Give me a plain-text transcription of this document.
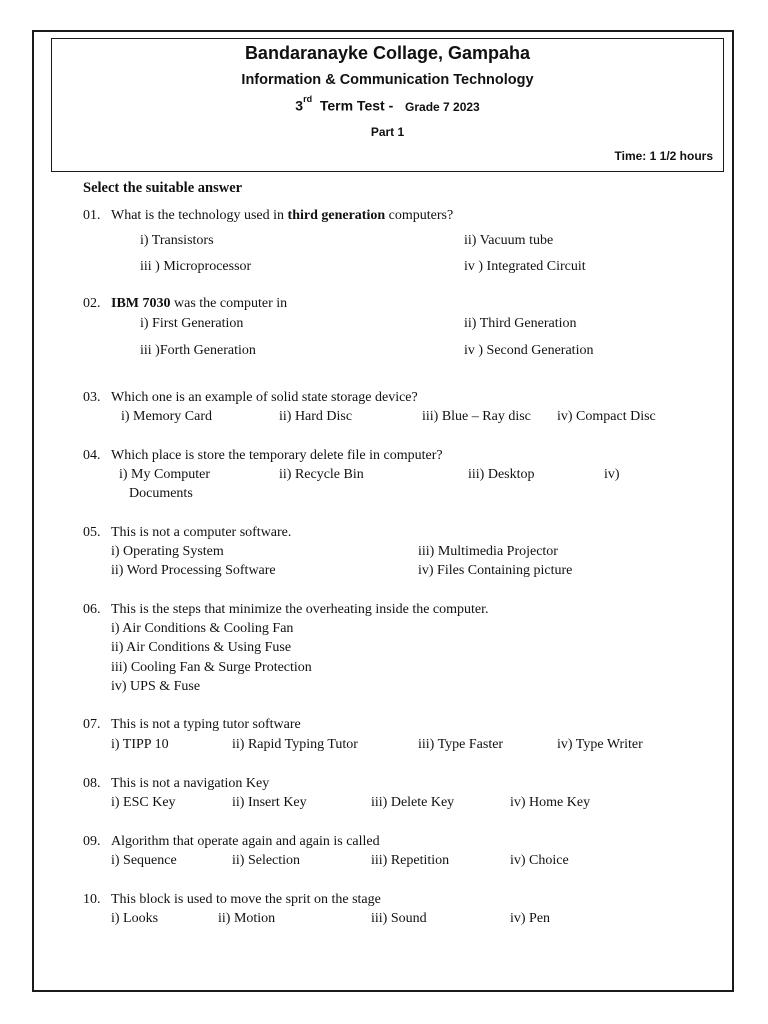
Bandaranayke Collage, Gampaha
Information & Communication Technology
3rd Term Test - Grade 7 2023
Part 1
Time: 1 1/2 hours
Select the suitable answer
01. What is the technology used in third generation computers?
i) Transistors	ii) Vacuum tube
iii ) Microprocessor	iv ) Integrated Circuit
02. IBM 7030 was the computer in
i) First Generation	ii) Third Generation
iii )Forth Generation	iv ) Second Generation
03. Which one is an example of solid state storage device?
i) Memory Card	ii) Hard Disc	iii) Blue – Ray disc iv) Compact Disc
04. Which place is store the temporary delete file in computer?
i) My Computer	ii) Recycle Bin	iii) Desktop	iv)
Documents
05. This is not a computer software.
i) Operating System	iii) Multimedia Projector
ii) Word Processing Software	iv) Files Containing picture
06. This is the steps that minimize the overheating inside the computer.
i) Air Conditions & Cooling Fan
ii) Air Conditions & Using Fuse
iii) Cooling Fan & Surge Protection
iv) UPS & Fuse
07. This is not a typing tutor software
i) TIPP 10	ii) Rapid Typing Tutor	iii) Type Faster	iv) Type Writer
08. This is not a navigation Key
i) ESC Key	ii) Insert Key	iii) Delete Key	iv) Home Key
09. Algorithm that operate again and again is called
i) Sequence	ii) Selection	iii) Repetition	iv) Choice
10. This block is used to move the sprit on the stage
i) Looks	ii) Motion	iii) Sound	iv) Pen
